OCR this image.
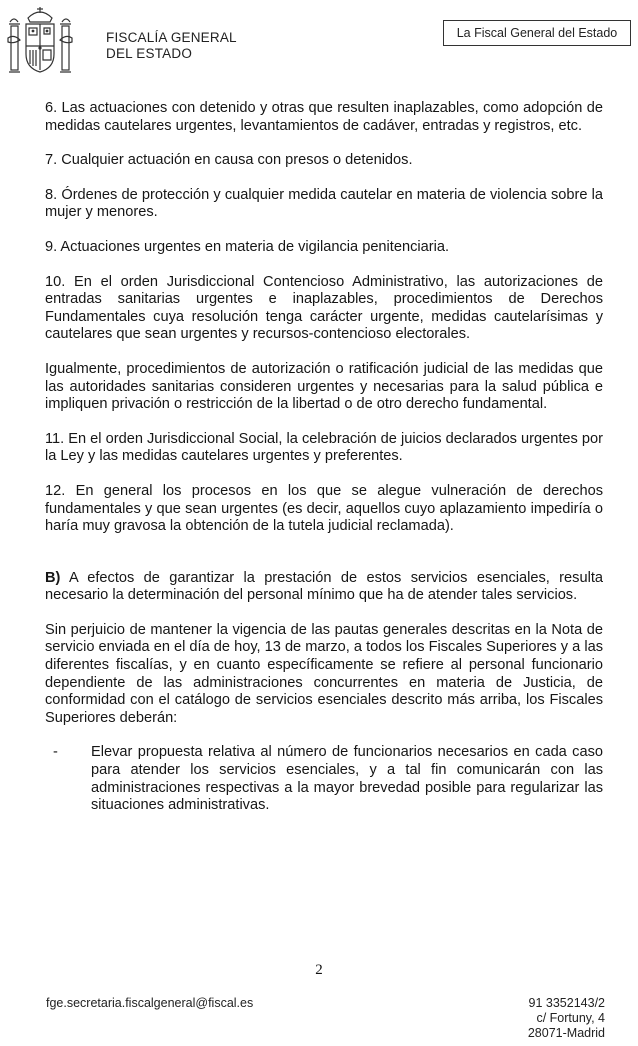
FISCALÍA GENERAL
DEL ESTADO
La Fiscal General del Estado

6. Las actuaciones con detenido y otras que resulten inaplazables, como adopción de medidas cautelares urgentes, levantamientos de cadáver, entradas y registros, etc.

7. Cualquier actuación en causa con presos o detenidos.

8. Órdenes de protección y cualquier medida cautelar en materia de violencia sobre la mujer y menores.

9. Actuaciones urgentes en materia de vigilancia penitenciaria.

10. En el orden Jurisdiccional Contencioso Administrativo, las autorizaciones de entradas sanitarias urgentes e inaplazables, procedimientos de Derechos Fundamentales cuya resolución tenga carácter urgente, medidas cautelarísimas y cautelares que sean urgentes y recursos-contencioso electorales.

Igualmente, procedimientos de autorización o ratificación judicial de las medidas que las autoridades sanitarias consideren urgentes y necesarias para la salud pública e impliquen privación o restricción de la libertad o de otro derecho fundamental.

11. En el orden Jurisdiccional Social, la celebración de juicios declarados urgentes por la Ley y las medidas cautelares urgentes y preferentes.

12. En general los procesos en los que se alegue vulneración de derechos fundamentales y que sean urgentes (es decir, aquellos cuyo aplazamiento impediría o haría muy gravosa la obtención de la tutela judicial reclamada).

B) A efectos de garantizar la prestación de estos servicios esenciales, resulta necesario la determinación del personal mínimo que ha de atender tales servicios.

Sin perjuicio de mantener la vigencia de las pautas generales descritas en la Nota de servicio enviada en el día de hoy, 13 de marzo, a todos los Fiscales Superiores y a las diferentes fiscalías, y en cuanto específicamente se refiere al personal funcionario dependiente de las administraciones concurrentes en materia de Justicia, de conformidad con el catálogo de servicios esenciales descrito más arriba, los Fiscales Superiores deberán:

-	Elevar propuesta relativa al número de funcionarios necesarios en cada caso para atender los servicios esenciales, y a tal fin comunicarán con las administraciones respectivas a la mayor brevedad posible para regularizar las situaciones administrativas.
2
fge.secretaria.fiscalgeneral@fiscal.es	91 3352143/2
c/ Fortuny, 4
28071-Madrid
